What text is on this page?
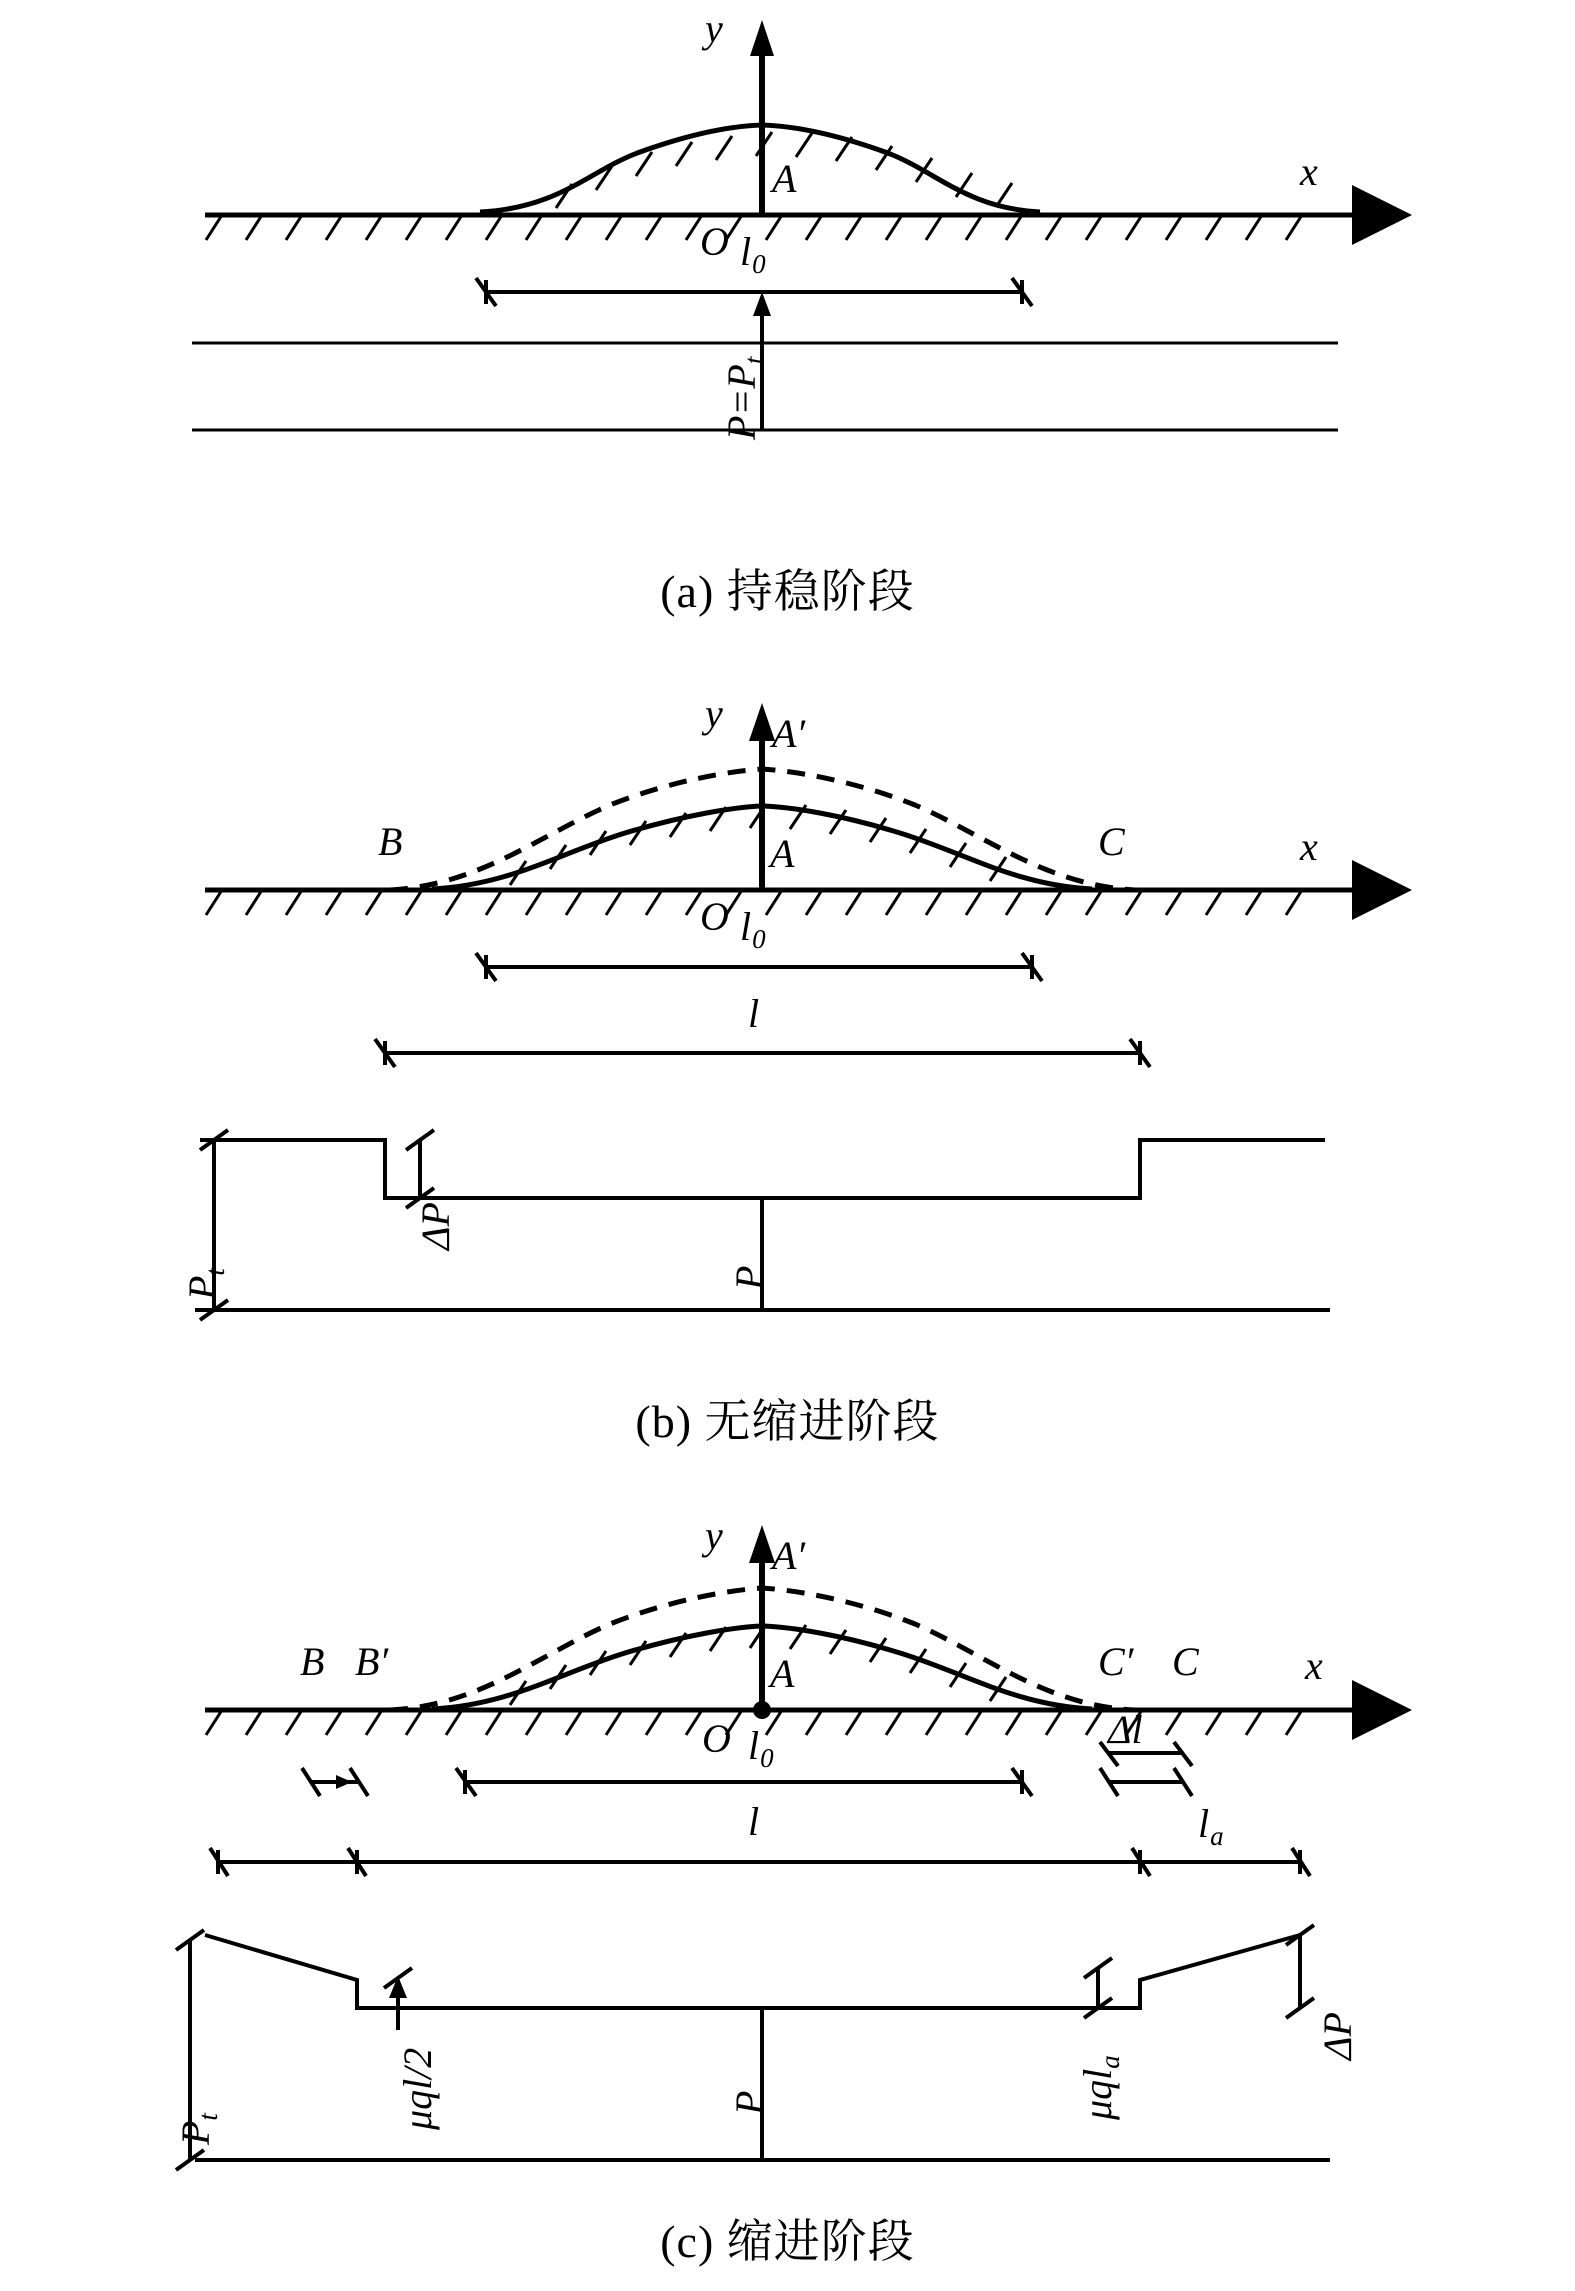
y
x
A
O l0
P=Pt
(a) 持稳阶段
y
x
A′
A
B	C
O l0
l
ΔP
Pt	P
(b) 无缩进阶段
y
x
A′
A
B B′	C′ C
O l0
Δl
l	la
μql/2	μqla
ΔP
Pt
P
(c) 缩进阶段
